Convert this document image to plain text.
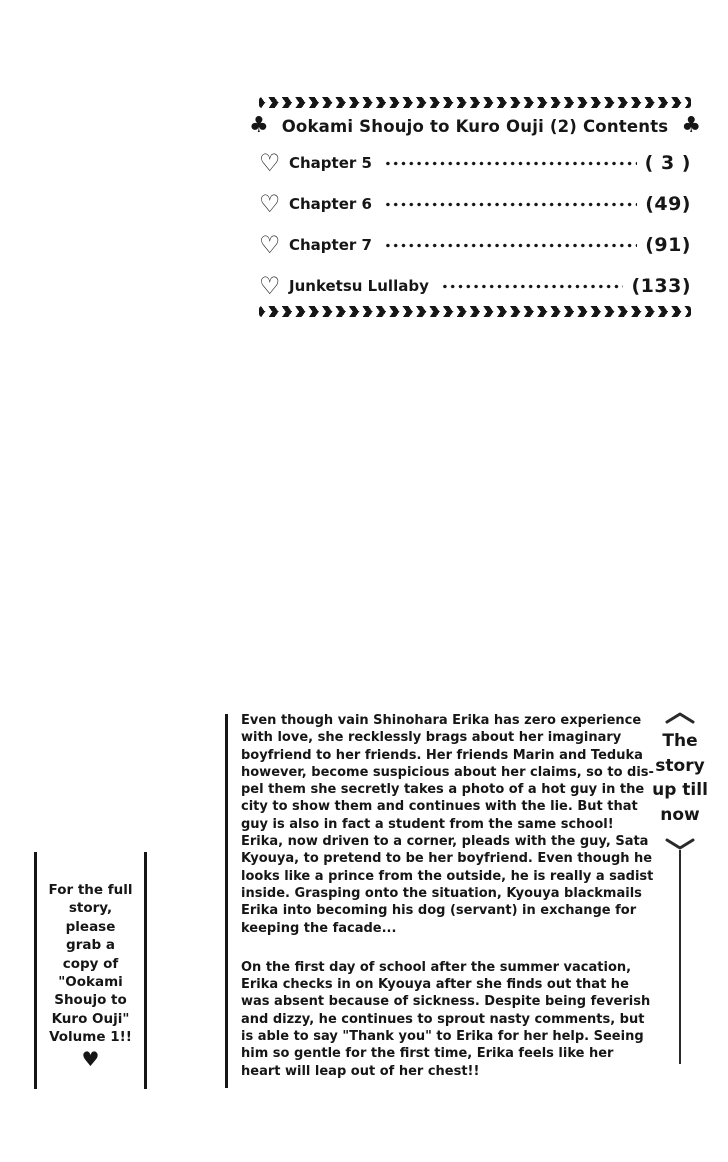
♣ Ookami Shoujo to Kuro Ouji (2) Contents ♣
♡ Chapter 5	( 3 )
♡ Chapter 6	(49)
♡ Chapter 7	(91)
♡ Junketsu Lullaby	(133)
Even though vain Shinohara Erika has zero experience
with love, she recklessly brags about her imaginary
boyfriend to her friends. Her friends Marin and Teduka
however, become suspicious about her claims, so to dis-
pel them she secretly takes a photo of a hot guy in the
city to show them and continues with the lie. But that
guy is also in fact a student from the same school!
Erika, now driven to a corner, pleads with the guy, Sata
Kyouya, to pretend to be her boyfriend. Even though he
looks like a prince from the outside, he is really a sadist
inside. Grasping onto the situation, Kyouya blackmails
Erika into becoming his dog (servant) in exchange for
keeping the facade...
On the first day of school after the summer vacation,
Erika checks in on Kyouya after she finds out that he
was absent because of sickness. Despite being feverish
and dizzy, he continues to sprout nasty comments, but
is able to say "Thank you" to Erika for her help. Seeing
him so gentle for the first time, Erika feels like her
heart will leap out of her chest!!
The
story
up till
now
For the full
story,
please
grab a
copy of
"Ookami
Shoujo to
Kuro Ouji"
Volume 1!!
♥
